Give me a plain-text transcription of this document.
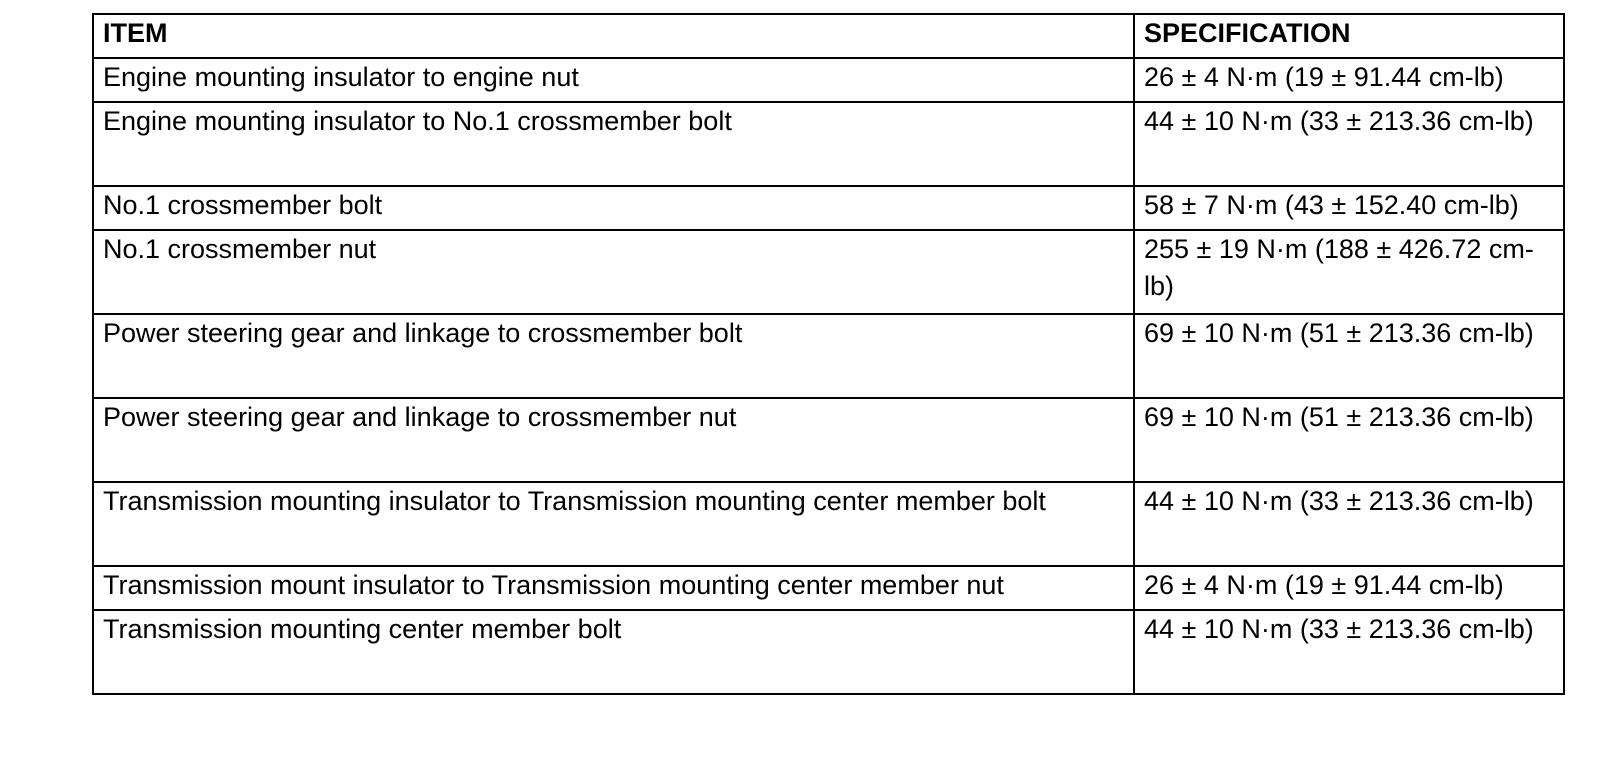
ITEM	SPECIFICATION
Engine mounting insulator to engine nut	26 ± 4 N·m (19 ± 91.44 cm-lb)
Engine mounting insulator to No.1 crossmember bolt	44 ± 10 N·m (33 ± 213.36 cm-lb)
No.1 crossmember bolt	58 ± 7 N·m (43 ± 152.40 cm-lb)
No.1 crossmember nut	255 ± 19 N·m (188 ± 426.72 cm-lb)
Power steering gear and linkage to crossmember bolt	69 ± 10 N·m (51 ± 213.36 cm-lb)
Power steering gear and linkage to crossmember nut	69 ± 10 N·m (51 ± 213.36 cm-lb)
Transmission mounting insulator to Transmission mounting center member bolt	44 ± 10 N·m (33 ± 213.36 cm-lb)
Transmission mount insulator to Transmission mounting center member nut	26 ± 4 N·m (19 ± 91.44 cm-lb)
Transmission mounting center member bolt	44 ± 10 N·m (33 ± 213.36 cm-lb)
